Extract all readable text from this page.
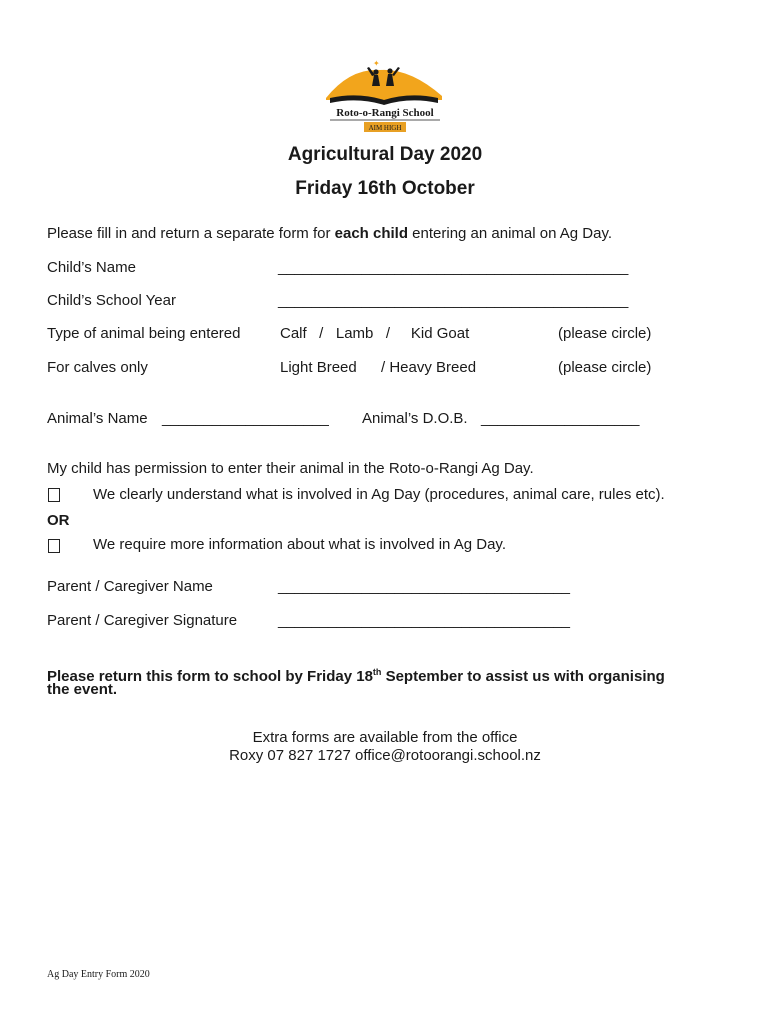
✦
Roto-o-Rangi School
AIM HIGH
Agricultural Day 2020
Friday 16th October
Please fill in and return a separate form for each child entering an animal on Ag Day.
Child’s Name	__________________________________________
Child’s School Year	__________________________________________
Type of animal being entered	Calf   /   Lamb   /     Kid Goat	(please circle)
For calves only	Light Breed / Heavy Breed	(please circle)
Animal’s Name ____________________ Animal’s D.O.B. ___________________
My child has permission to enter their animal in the Roto-o-Rangi Ag Day.
We clearly understand what is involved in Ag Day (procedures, animal care, rules etc).
OR
We require more information about what is involved in Ag Day.
Parent / Caregiver Name	___________________________________
Parent / Caregiver Signature	___________________________________
Please return this form to school by Friday 18th September to assist us with organising
the event.
Extra forms are available from the office
Roxy 07 827 1727 office@rotoorangi.school.nz
Ag Day Entry Form 2020
